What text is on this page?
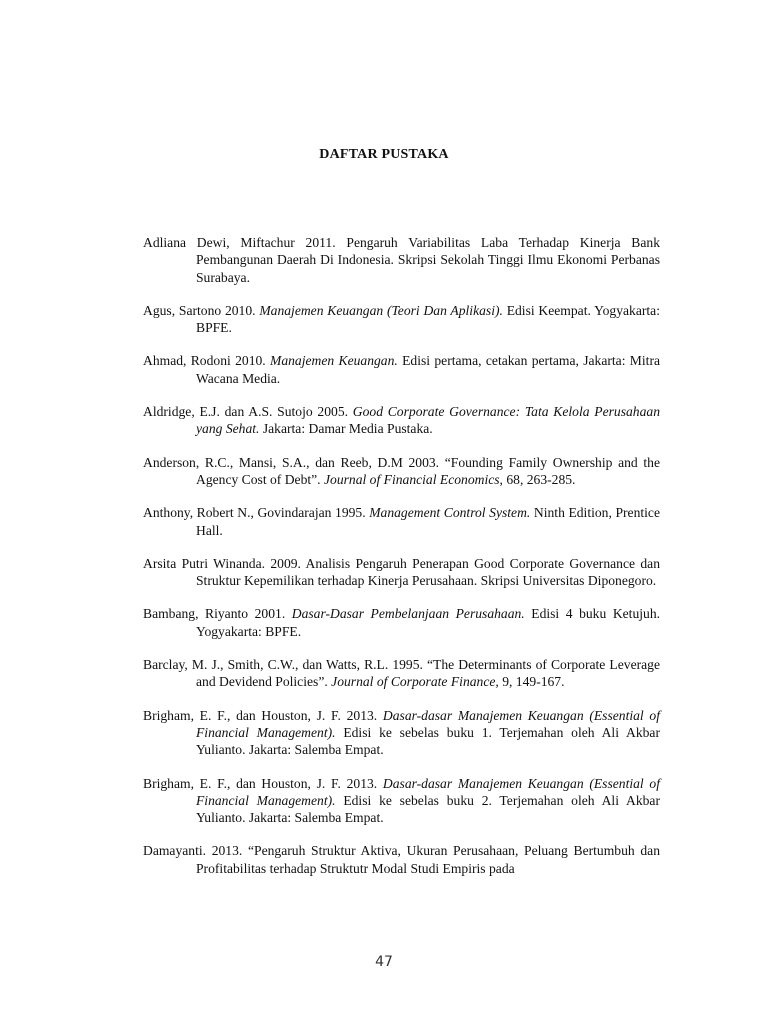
DAFTAR PUSTAKA

Adliana Dewi, Miftachur 2011. Pengaruh Variabilitas Laba Terhadap Kinerja Bank Pembangunan Daerah Di Indonesia. Skripsi Sekolah Tinggi Ilmu Ekonomi Perbanas Surabaya.

Agus, Sartono 2010. Manajemen Keuangan (Teori Dan Aplikasi). Edisi Keempat. Yogyakarta: BPFE.

Ahmad, Rodoni 2010. Manajemen Keuangan. Edisi pertama, cetakan pertama, Jakarta: Mitra Wacana Media.

Aldridge, E.J. dan A.S. Sutojo 2005. Good Corporate Governance: Tata Kelola Perusahaan yang Sehat. Jakarta: Damar Media Pustaka.

Anderson, R.C., Mansi, S.A., dan Reeb, D.M 2003. “Founding Family Ownership and the Agency Cost of Debt”. Journal of Financial Economics, 68, 263-285.

Anthony, Robert N., Govindarajan 1995. Management Control System. Ninth Edition, Prentice Hall.

Arsita Putri Winanda. 2009. Analisis Pengaruh Penerapan Good Corporate Governance dan Struktur Kepemilikan terhadap Kinerja Perusahaan. Skripsi Universitas Diponegoro.

Bambang, Riyanto 2001. Dasar-Dasar Pembelanjaan Perusahaan. Edisi 4 buku Ketujuh. Yogyakarta: BPFE.

Barclay, M. J., Smith, C.W., dan Watts, R.L. 1995. “The Determinants of Corporate Leverage and Devidend Policies”. Journal of Corporate Finance, 9, 149-167.

Brigham, E. F., dan Houston, J. F. 2013. Dasar-dasar Manajemen Keuangan (Essential of Financial Management). Edisi ke sebelas buku 1. Terjemahan oleh Ali Akbar Yulianto. Jakarta: Salemba Empat.

Brigham, E. F., dan Houston, J. F. 2013. Dasar-dasar Manajemen Keuangan (Essential of Financial Management). Edisi ke sebelas buku 2. Terjemahan oleh Ali Akbar Yulianto. Jakarta: Salemba Empat.

Damayanti. 2013. “Pengaruh Struktur Aktiva, Ukuran Perusahaan, Peluang Bertumbuh dan Profitabilitas terhadap Struktutr Modal Studi Empiris pada

47
